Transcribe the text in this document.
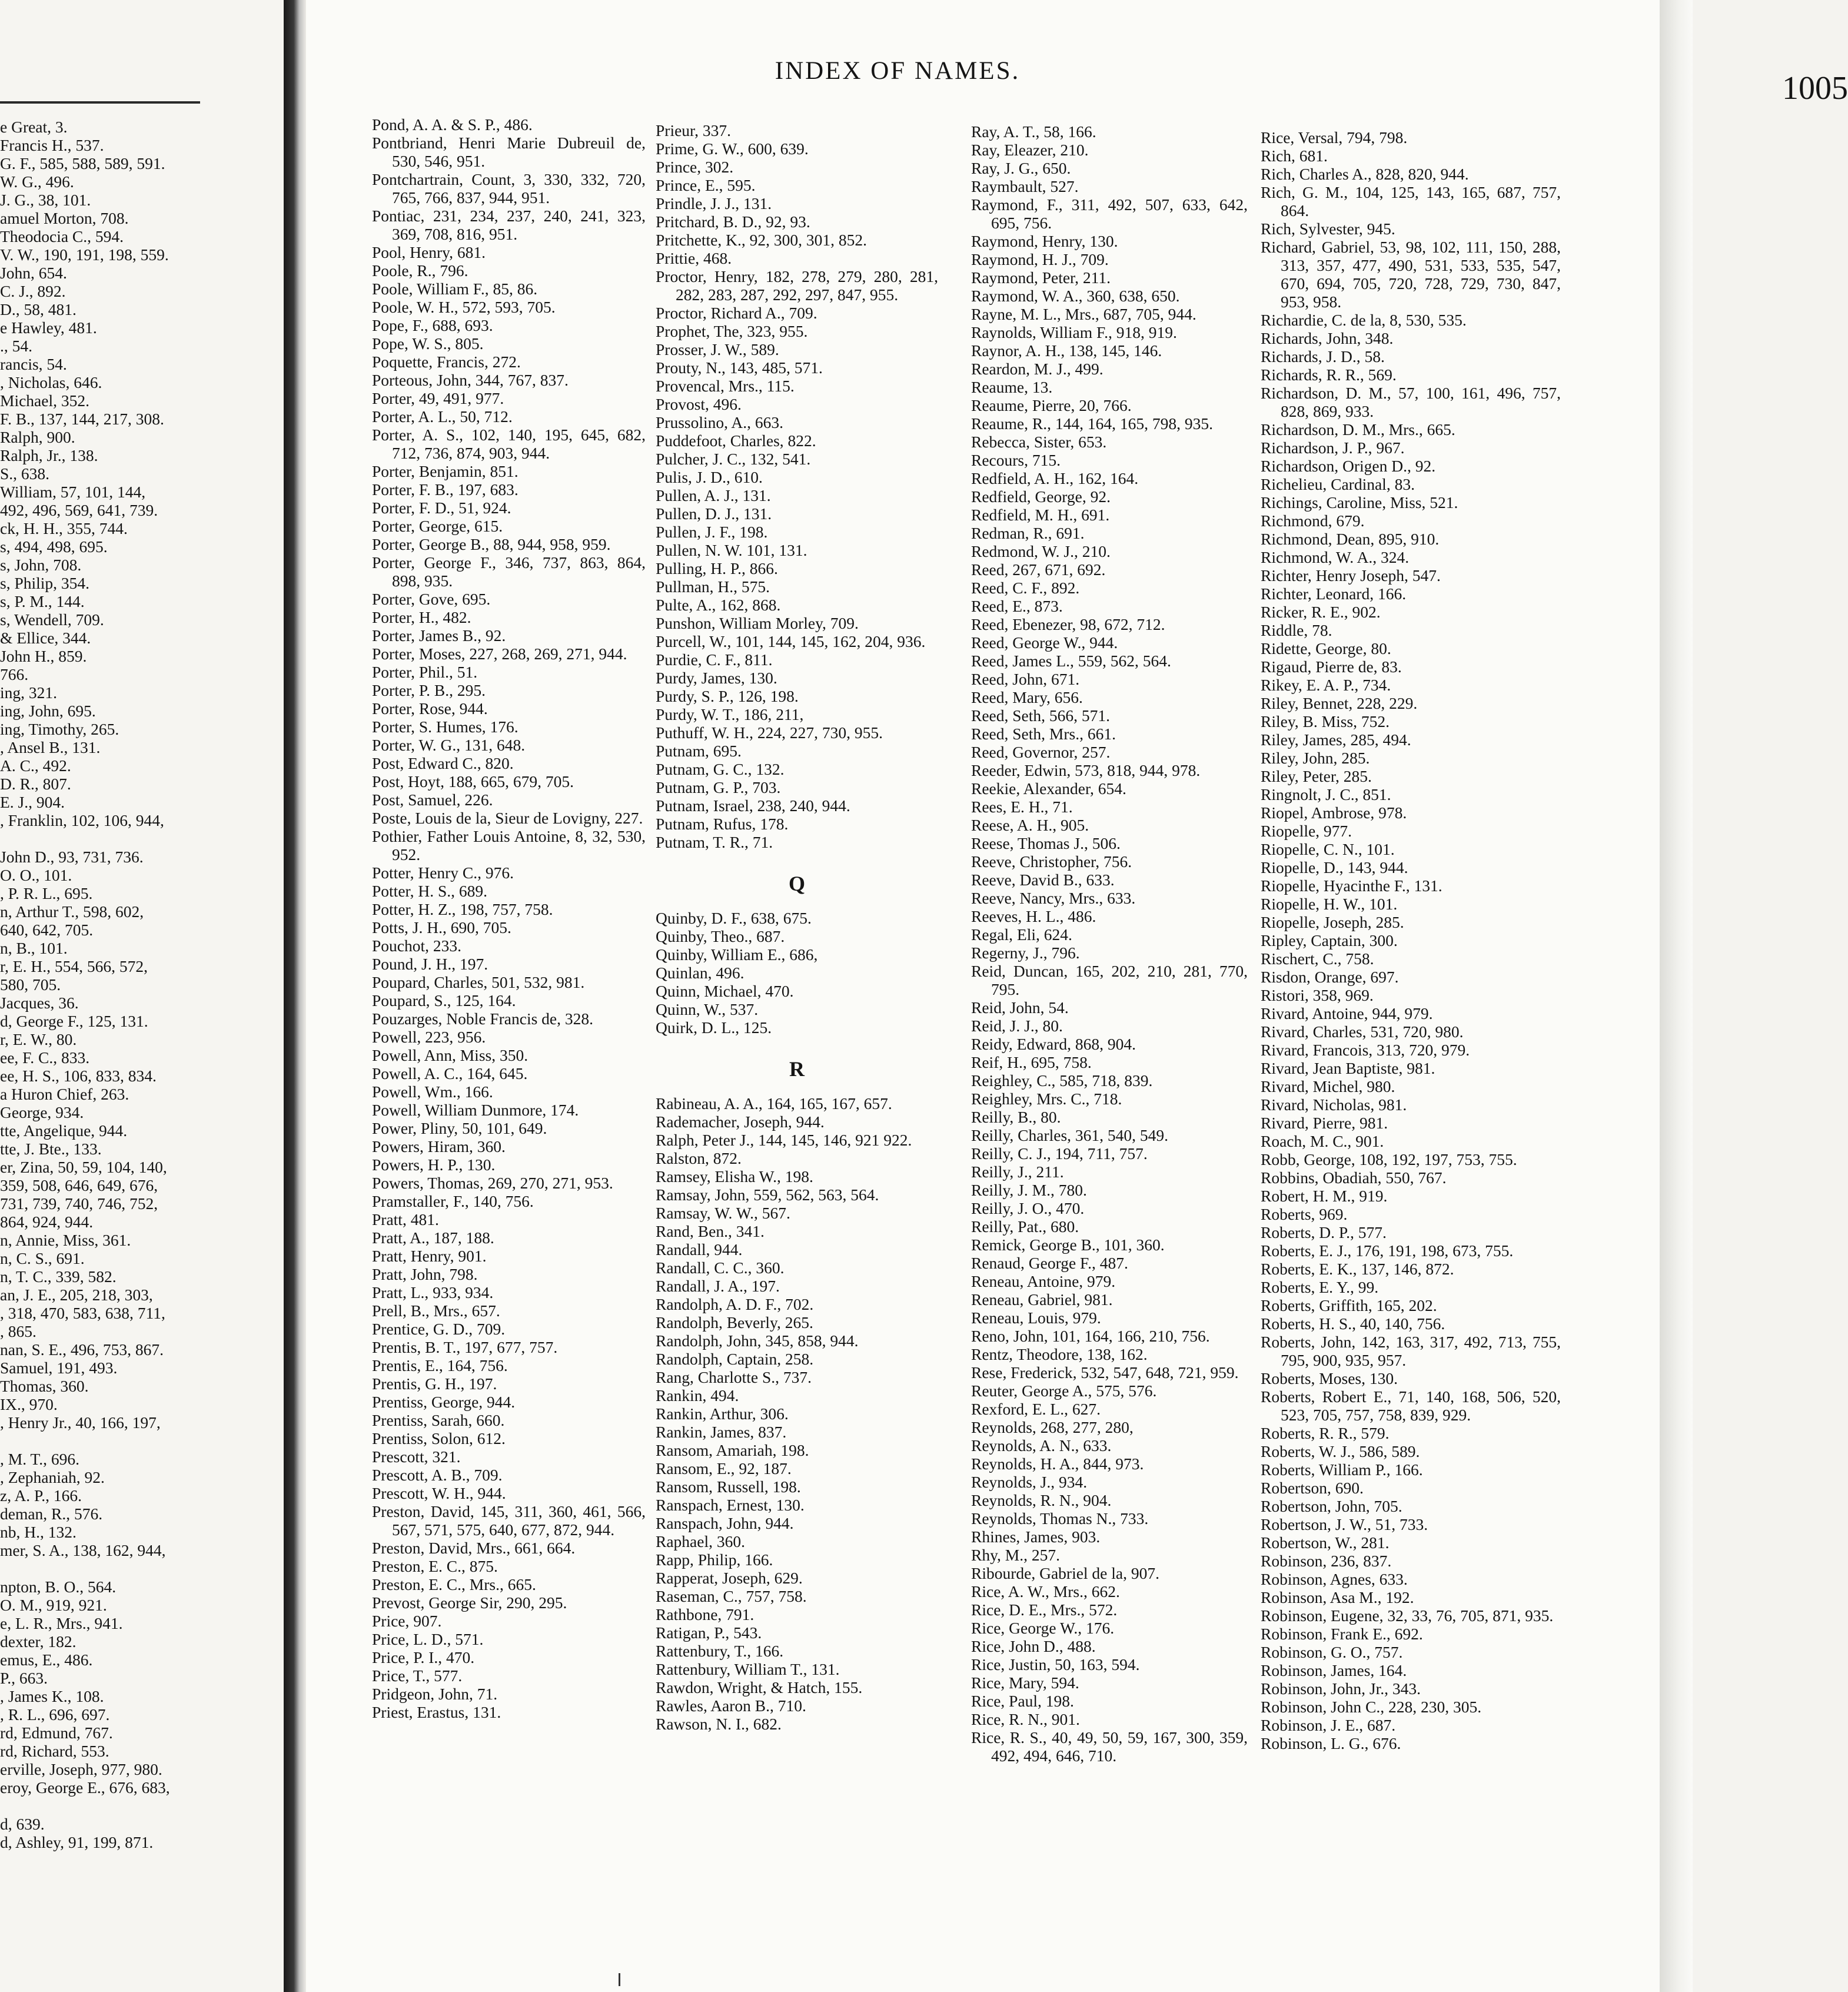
e Great, 3.
Francis H., 537.
G. F., 585, 588, 589, 591.
W. G., 496.
J. G., 38, 101.
amuel Morton, 708.
Theodocia C., 594.
V. W., 190, 191, 198, 559.
John, 654.
C. J., 892.
D., 58, 481.
e Hawley, 481.
., 54.
rancis, 54.
, Nicholas, 646.
Michael, 352.
F. B., 137, 144, 217, 308.
Ralph, 900.
Ralph, Jr., 138.
S., 638.
William, 57, 101, 144,
492, 496, 569, 641, 739.
ck, H. H., 355, 744.
s, 494, 498, 695.
s, John, 708.
s, Philip, 354.
s, P. M., 144.
s, Wendell, 709.
& Ellice, 344.
John H., 859.
766.
ing, 321.
ing, John, 695.
ing, Timothy, 265.
, Ansel B., 131.
A. C., 492.
D. R., 807.
E. J., 904.
, Franklin, 102, 106, 944,
John D., 93, 731, 736.
O. O., 101.
, P. R. L., 695.
n, Arthur T., 598, 602,
640, 642, 705.
n, B., 101.
r, E. H., 554, 566, 572,
580, 705.
Jacques, 36.
d, George F., 125, 131.
r, E. W., 80.
ee, F. C., 833.
ee, H. S., 106, 833, 834.
a Huron Chief, 263.
George, 934.
tte, Angelique, 944.
tte, J. Bte., 133.
er, Zina, 50, 59, 104, 140,
359, 508, 646, 649, 676,
731, 739, 740, 746, 752,
864, 924, 944.
n, Annie, Miss, 361.
n, C. S., 691.
n, T. C., 339, 582.
an, J. E., 205, 218, 303,
, 318, 470, 583, 638, 711,
, 865.
nan, S. E., 496, 753, 867.
Samuel, 191, 493.
Thomas, 360.
IX., 970.
, Henry Jr., 40, 166, 197,
, M. T., 696.
, Zephaniah, 92.
z, A. P., 166.
deman, R., 576.
nb, H., 132.
mer, S. A., 138, 162, 944,
npton, B. O., 564.
O. M., 919, 921.
e, L. R., Mrs., 941.
dexter, 182.
emus, E., 486.
P., 663.
, James K., 108.
, R. L., 696, 697.
rd, Edmund, 767.
rd, Richard, 553.
erville, Joseph, 977, 980.
eroy, George E., 676, 683,
d, 639.
d, Ashley, 91, 199, 871.
INDEX OF NAMES.	1005
Pond, A. A. & S. P., 486.
Pontbriand, Henri Marie Dubreuil de, 530, 546, 951.
Pontchartrain, Count, 3, 330, 332, 720, 765, 766, 837, 944, 951.
Pontiac, 231, 234, 237, 240, 241, 323, 369, 708, 816, 951.
Pool, Henry, 681.
Poole, R., 796.
Poole, William F., 85, 86.
Poole, W. H., 572, 593, 705.
Pope, F., 688, 693.
Pope, W. S., 805.
Poquette, Francis, 272.
Porteous, John, 344, 767, 837.
Porter, 49, 491, 977.
Porter, A. L., 50, 712.
Porter, A. S., 102, 140, 195, 645, 682, 712, 736, 874, 903, 944.
Porter, Benjamin, 851.
Porter, F. B., 197, 683.
Porter, F. D., 51, 924.
Porter, George, 615.
Porter, George B., 88, 944, 958, 959.
Porter, George F., 346, 737, 863, 864, 898, 935.
Porter, Gove, 695.
Porter, H., 482.
Porter, James B., 92.
Porter, Moses, 227, 268, 269, 271, 944.
Porter, Phil., 51.
Porter, P. B., 295.
Porter, Rose, 944.
Porter, S. Humes, 176.
Porter, W. G., 131, 648.
Post, Edward C., 820.
Post, Hoyt, 188, 665, 679, 705.
Post, Samuel, 226.
Poste, Louis de la, Sieur de Lovigny, 227.
Pothier, Father Louis Antoine, 8, 32, 530, 952.
Potter, Henry C., 976.
Potter, H. S., 689.
Potter, H. Z., 198, 757, 758.
Potts, J. H., 690, 705.
Pouchot, 233.
Pound, J. H., 197.
Poupard, Charles, 501, 532, 981.
Poupard, S., 125, 164.
Pouzarges, Noble Francis de, 328.
Powell, 223, 956.
Powell, Ann, Miss, 350.
Powell, A. C., 164, 645.
Powell, Wm., 166.
Powell, William Dunmore, 174.
Power, Pliny, 50, 101, 649.
Powers, Hiram, 360.
Powers, H. P., 130.
Powers, Thomas, 269, 270, 271, 953.
Pramstaller, F., 140, 756.
Pratt, 481.
Pratt, A., 187, 188.
Pratt, Henry, 901.
Pratt, John, 798.
Pratt, L., 933, 934.
Prell, B., Mrs., 657.
Prentice, G. D., 709.
Prentis, B. T., 197, 677, 757.
Prentis, E., 164, 756.
Prentis, G. H., 197.
Prentiss, George, 944.
Prentiss, Sarah, 660.
Prentiss, Solon, 612.
Prescott, 321.
Prescott, A. B., 709.
Prescott, W. H., 944.
Preston, David, 145, 311, 360, 461, 566, 567, 571, 575, 640, 677, 872, 944.
Preston, David, Mrs., 661, 664.
Preston, E. C., 875.
Preston, E. C., Mrs., 665.
Prevost, George Sir, 290, 295.
Price, 907.
Price, L. D., 571.
Price, P. I., 470.
Price, T., 577.
Pridgeon, John, 71.
Priest, Erastus, 131.
Prieur, 337.
Prime, G. W., 600, 639.
Prince, 302.
Prince, E., 595.
Prindle, J. J., 131.
Pritchard, B. D., 92, 93.
Pritchette, K., 92, 300, 301, 852.
Prittie, 468.
Proctor, Henry, 182, 278, 279, 280, 281, 282, 283, 287, 292, 297, 847, 955.
Proctor, Richard A., 709.
Prophet, The, 323, 955.
Prosser, J. W., 589.
Prouty, N., 143, 485, 571.
Provencal, Mrs., 115.
Provost, 496.
Prussolino, A., 663.
Puddefoot, Charles, 822.
Pulcher, J. C., 132, 541.
Pulis, J. D., 610.
Pullen, A. J., 131.
Pullen, D. J., 131.
Pullen, J. F., 198.
Pullen, N. W. 101, 131.
Pulling, H. P., 866.
Pullman, H., 575.
Pulte, A., 162, 868.
Punshon, William Morley, 709.
Purcell, W., 101, 144, 145, 162, 204, 936.
Purdie, C. F., 811.
Purdy, James, 130.
Purdy, S. P., 126, 198.
Purdy, W. T., 186, 211,
Puthuff, W. H., 224, 227, 730, 955.
Putnam, 695.
Putnam, G. C., 132.
Putnam, G. P., 703.
Putnam, Israel, 238, 240, 944.
Putnam, Rufus, 178.
Putnam, T. R., 71.
Q
Quinby, D. F., 638, 675.
Quinby, Theo., 687.
Quinby, William E., 686,
Quinlan, 496.
Quinn, Michael, 470.
Quinn, W., 537.
Quirk, D. L., 125.
R
Rabineau, A. A., 164, 165, 167, 657.
Rademacher, Joseph, 944.
Ralph, Peter J., 144, 145, 146, 921 922.
Ralston, 872.
Ramsey, Elisha W., 198.
Ramsay, John, 559, 562, 563, 564.
Ramsay, W. W., 567.
Rand, Ben., 341.
Randall, 944.
Randall, C. C., 360.
Randall, J. A., 197.
Randolph, A. D. F., 702.
Randolph, Beverly, 265.
Randolph, John, 345, 858, 944.
Randolph, Captain, 258.
Rang, Charlotte S., 737.
Rankin, 494.
Rankin, Arthur, 306.
Rankin, James, 837.
Ransom, Amariah, 198.
Ransom, E., 92, 187.
Ransom, Russell, 198.
Ranspach, Ernest, 130.
Ranspach, John, 944.
Raphael, 360.
Rapp, Philip, 166.
Rapperat, Joseph, 629.
Raseman, C., 757, 758.
Rathbone, 791.
Ratigan, P., 543.
Rattenbury, T., 166.
Rattenbury, William T., 131.
Rawdon, Wright, & Hatch, 155.
Rawles, Aaron B., 710.
Rawson, N. I., 682.
Ray, A. T., 58, 166.
Ray, Eleazer, 210.
Ray, J. G., 650.
Raymbault, 527.
Raymond, F., 311, 492, 507, 633, 642, 695, 756.
Raymond, Henry, 130.
Raymond, H. J., 709.
Raymond, Peter, 211.
Raymond, W. A., 360, 638, 650.
Rayne, M. L., Mrs., 687, 705, 944.
Raynolds, William F., 918, 919.
Raynor, A. H., 138, 145, 146.
Reardon, M. J., 499.
Reaume, 13.
Reaume, Pierre, 20, 766.
Reaume, R., 144, 164, 165, 798, 935.
Rebecca, Sister, 653.
Recours, 715.
Redfield, A. H., 162, 164.
Redfield, George, 92.
Redfield, M. H., 691.
Redman, R., 691.
Redmond, W. J., 210.
Reed, 267, 671, 692.
Reed, C. F., 892.
Reed, E., 873.
Reed, Ebenezer, 98, 672, 712.
Reed, George W., 944.
Reed, James L., 559, 562, 564.
Reed, John, 671.
Reed, Mary, 656.
Reed, Seth, 566, 571.
Reed, Seth, Mrs., 661.
Reed, Governor, 257.
Reeder, Edwin, 573, 818, 944, 978.
Reekie, Alexander, 654.
Rees, E. H., 71.
Reese, A. H., 905.
Reese, Thomas J., 506.
Reeve, Christopher, 756.
Reeve, David B., 633.
Reeve, Nancy, Mrs., 633.
Reeves, H. L., 486.
Regal, Eli, 624.
Regerny, J., 796.
Reid, Duncan, 165, 202, 210, 281, 770, 795.
Reid, John, 54.
Reid, J. J., 80.
Reidy, Edward, 868, 904.
Reif, H., 695, 758.
Reighley, C., 585, 718, 839.
Reighley, Mrs. C., 718.
Reilly, B., 80.
Reilly, Charles, 361, 540, 549.
Reilly, C. J., 194, 711, 757.
Reilly, J., 211.
Reilly, J. M., 780.
Reilly, J. O., 470.
Reilly, Pat., 680.
Remick, George B., 101, 360.
Renaud, George F., 487.
Reneau, Antoine, 979.
Reneau, Gabriel, 981.
Reneau, Louis, 979.
Reno, John, 101, 164, 166, 210, 756.
Rentz, Theodore, 138, 162.
Rese, Frederick, 532, 547, 648, 721, 959.
Reuter, George A., 575, 576.
Rexford, E. L., 627.
Reynolds, 268, 277, 280,
Reynolds, A. N., 633.
Reynolds, H. A., 844, 973.
Reynolds, J., 934.
Reynolds, R. N., 904.
Reynolds, Thomas N., 733.
Rhines, James, 903.
Rhy, M., 257.
Ribourde, Gabriel de la, 907.
Rice, A. W., Mrs., 662.
Rice, D. E., Mrs., 572.
Rice, George W., 176.
Rice, John D., 488.
Rice, Justin, 50, 163, 594.
Rice, Mary, 594.
Rice, Paul, 198.
Rice, R. N., 901.
Rice, R. S., 40, 49, 50, 59, 167, 300, 359, 492, 494, 646, 710.
Rice, Versal, 794, 798.
Rich, 681.
Rich, Charles A., 828, 820, 944.
Rich, G. M., 104, 125, 143, 165, 687, 757, 864.
Rich, Sylvester, 945.
Richard, Gabriel, 53, 98, 102, 111, 150, 288, 313, 357, 477, 490, 531, 533, 535, 547, 670, 694, 705, 720, 728, 729, 730, 847, 953, 958.
Richardie, C. de la, 8, 530, 535.
Richards, John, 348.
Richards, J. D., 58.
Richards, R. R., 569.
Richardson, D. M., 57, 100, 161, 496, 757, 828, 869, 933.
Richardson, D. M., Mrs., 665.
Richardson, J. P., 967.
Richardson, Origen D., 92.
Richelieu, Cardinal, 83.
Richings, Caroline, Miss, 521.
Richmond, 679.
Richmond, Dean, 895, 910.
Richmond, W. A., 324.
Richter, Henry Joseph, 547.
Richter, Leonard, 166.
Ricker, R. E., 902.
Riddle, 78.
Ridette, George, 80.
Rigaud, Pierre de, 83.
Rikey, E. A. P., 734.
Riley, Bennet, 228, 229.
Riley, B. Miss, 752.
Riley, James, 285, 494.
Riley, John, 285.
Riley, Peter, 285.
Ringnolt, J. C., 851.
Riopel, Ambrose, 978.
Riopelle, 977.
Riopelle, C. N., 101.
Riopelle, D., 143, 944.
Riopelle, Hyacinthe F., 131.
Riopelle, H. W., 101.
Riopelle, Joseph, 285.
Ripley, Captain, 300.
Rischert, C., 758.
Risdon, Orange, 697.
Ristori, 358, 969.
Rivard, Antoine, 944, 979.
Rivard, Charles, 531, 720, 980.
Rivard, Francois, 313, 720, 979.
Rivard, Jean Baptiste, 981.
Rivard, Michel, 980.
Rivard, Nicholas, 981.
Rivard, Pierre, 981.
Roach, M. C., 901.
Robb, George, 108, 192, 197, 753, 755.
Robbins, Obadiah, 550, 767.
Robert, H. M., 919.
Roberts, 969.
Roberts, D. P., 577.
Roberts, E. J., 176, 191, 198, 673, 755.
Roberts, E. K., 137, 146, 872.
Roberts, E. Y., 99.
Roberts, Griffith, 165, 202.
Roberts, H. S., 40, 140, 756.
Roberts, John, 142, 163, 317, 492, 713, 755, 795, 900, 935, 957.
Roberts, Moses, 130.
Roberts, Robert E., 71, 140, 168, 506, 520, 523, 705, 757, 758, 839, 929.
Roberts, R. R., 579.
Roberts, W. J., 586, 589.
Roberts, William P., 166.
Robertson, 690.
Robertson, John, 705.
Robertson, J. W., 51, 733.
Robertson, W., 281.
Robinson, 236, 837.
Robinson, Agnes, 633.
Robinson, Asa M., 192.
Robinson, Eugene, 32, 33, 76, 705, 871, 935.
Robinson, Frank E., 692.
Robinson, G. O., 757.
Robinson, James, 164.
Robinson, John, Jr., 343.
Robinson, John C., 228, 230, 305.
Robinson, J. E., 687.
Robinson, L. G., 676.
